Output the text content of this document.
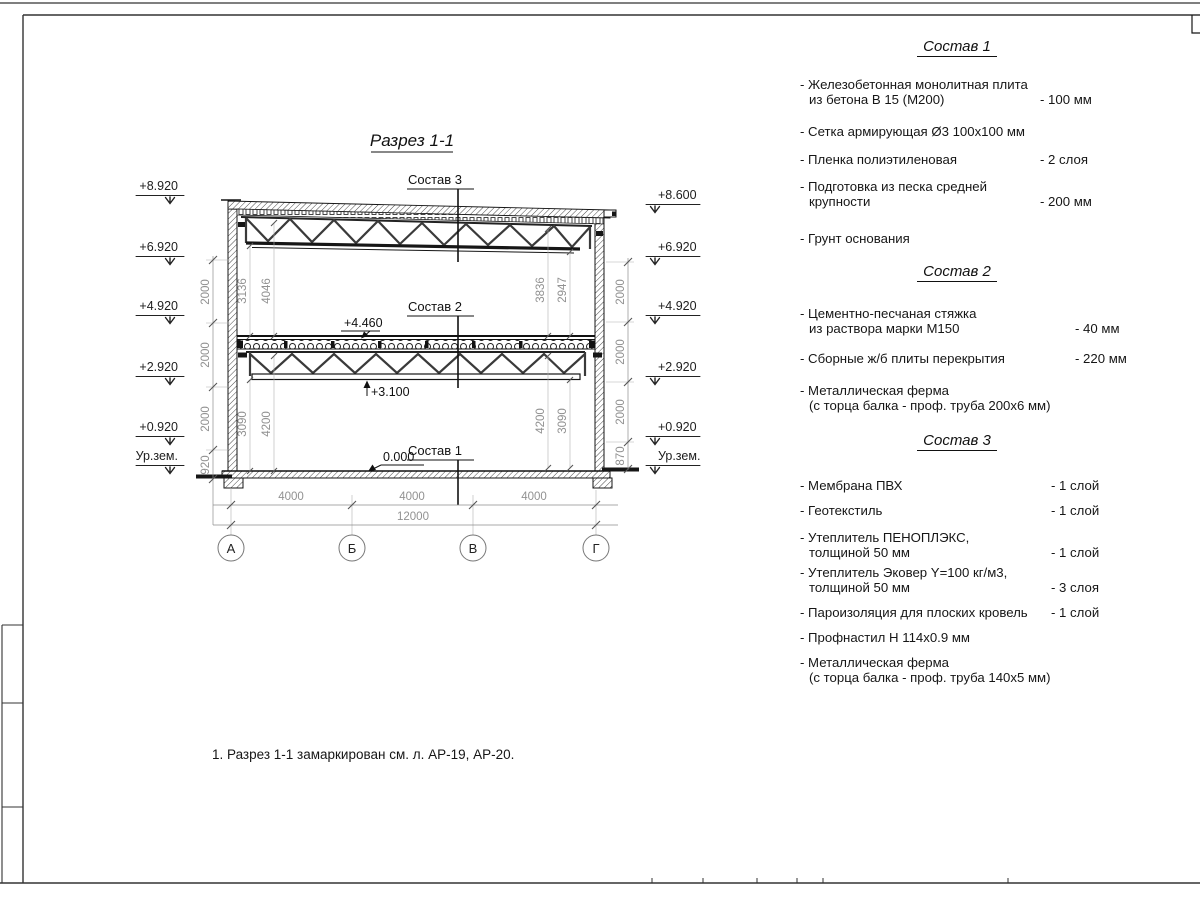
Разрез 1-1
Состав 3
Состав 2
Состав 1
+4.460
+3.100
0.000
+8.920
+6.920
+4.920
+2.920
+0.920
Ур.зем.
+8.600
+6.920
+4.920
+2.920
+0.920
Ур.зем.
2000
2000
2000
920
2000
2000
2000
870
3136 4046
3090 4200
3836 2947
4200 3090
4000	4000	4000
12000
А	Б	В	Г
Состав 1
- Железобетонная монолитная плита
из бетона В 15 (М200)	- 100 мм
- Сетка армирующая Ø3 100x100 мм
- Пленка полиэтиленовая	- 2 слоя
- Подготовка из песка средней
крупности	- 200 мм
- Грунт основания
Состав 2
- Цементно-песчаная стяжка
из раствора марки М150	- 40 мм
- Сборные ж/б плиты перекрытия	- 220 мм
- Металлическая ферма
(с торца балка - проф. труба 200x6 мм)
Состав 3
- Мембрана ПВХ	- 1 слой
- Геотекстиль	- 1 слой
- Утеплитель ПЕНОПЛЭКС,
толщиной 50 мм	- 1 слой
- Утеплитель Эковер Y=100 кг/м3,
толщиной 50 мм	- 3 слоя
- Пароизоляция для плоских кровель	- 1 слой
- Профнастил Н 114x0.9 мм
- Металлическая ферма
(с торца балка - проф. труба 140x5 мм)
1. Разрез 1-1 замаркирован см. л. АР-19, АР-20.
